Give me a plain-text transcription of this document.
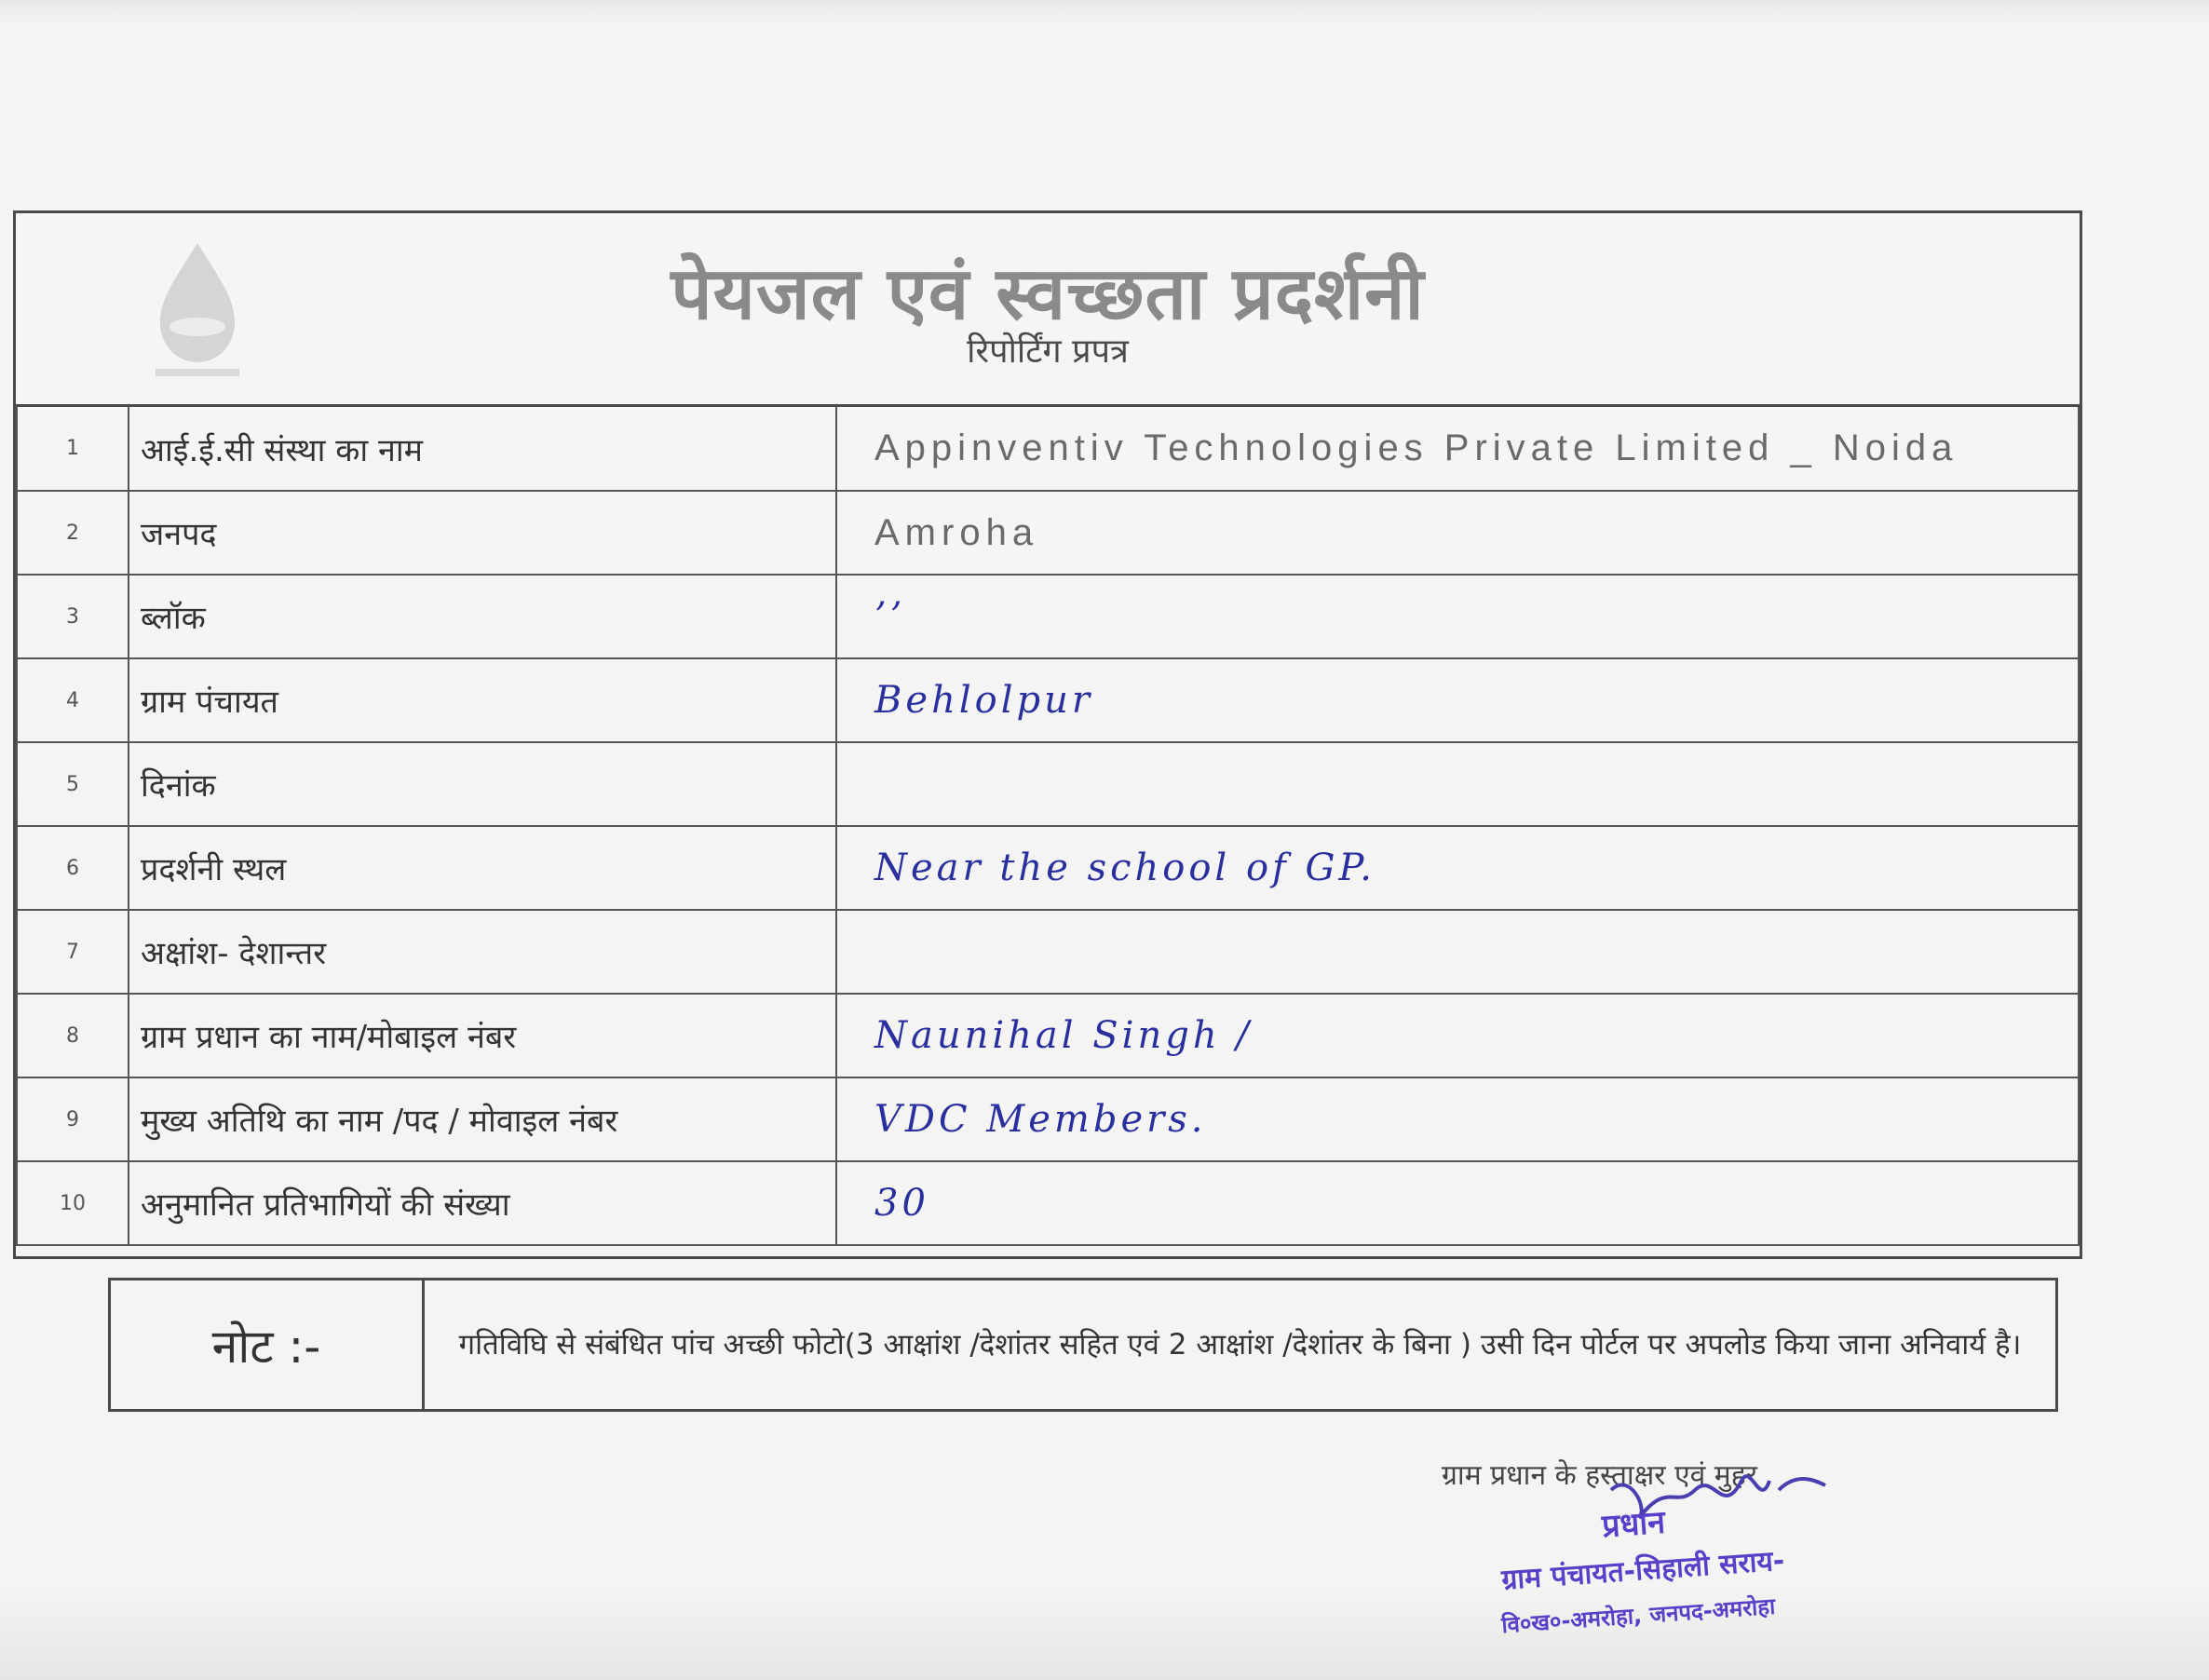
पेयजल एवं स्वच्छता प्रदर्शनी
रिपोर्टिंग प्रपत्र
1	आई.ई.सी संस्था का नाम	Appinventiv Technologies Private Limited _ Noida
2	जनपद	Amroha
3	ब्लॉक	’’
4	ग्राम पंचायत	Behlolpur
5	दिनांक	
6	प्रदर्शनी स्थल	Near the school of GP.
7	अक्षांश- देशान्तर	
8	ग्राम प्रधान का नाम/मोबाइल नंबर	Naunihal Singh /
9	मुख्य अतिथि का नाम /पद / मोवाइल नंबर	VDC Members.
10	अनुमानित प्रतिभागियों की संख्या	30
नोट :-	गतिविघि से संबंधित पांच अच्छी फोटो(3 आक्षांश /देशांतर सहित एवं 2 आक्षांश /देशांतर के बिना ) उसी दिन पोर्टल पर अपलोड किया जाना अनिवार्य है।
ग्राम प्रधान के हस्ताक्षर एवं मुहर
प्रधान
ग्राम पंचायत-सिहाली सराय-
वि०ख०-अमरोहा, जनपद-अमरोहा
